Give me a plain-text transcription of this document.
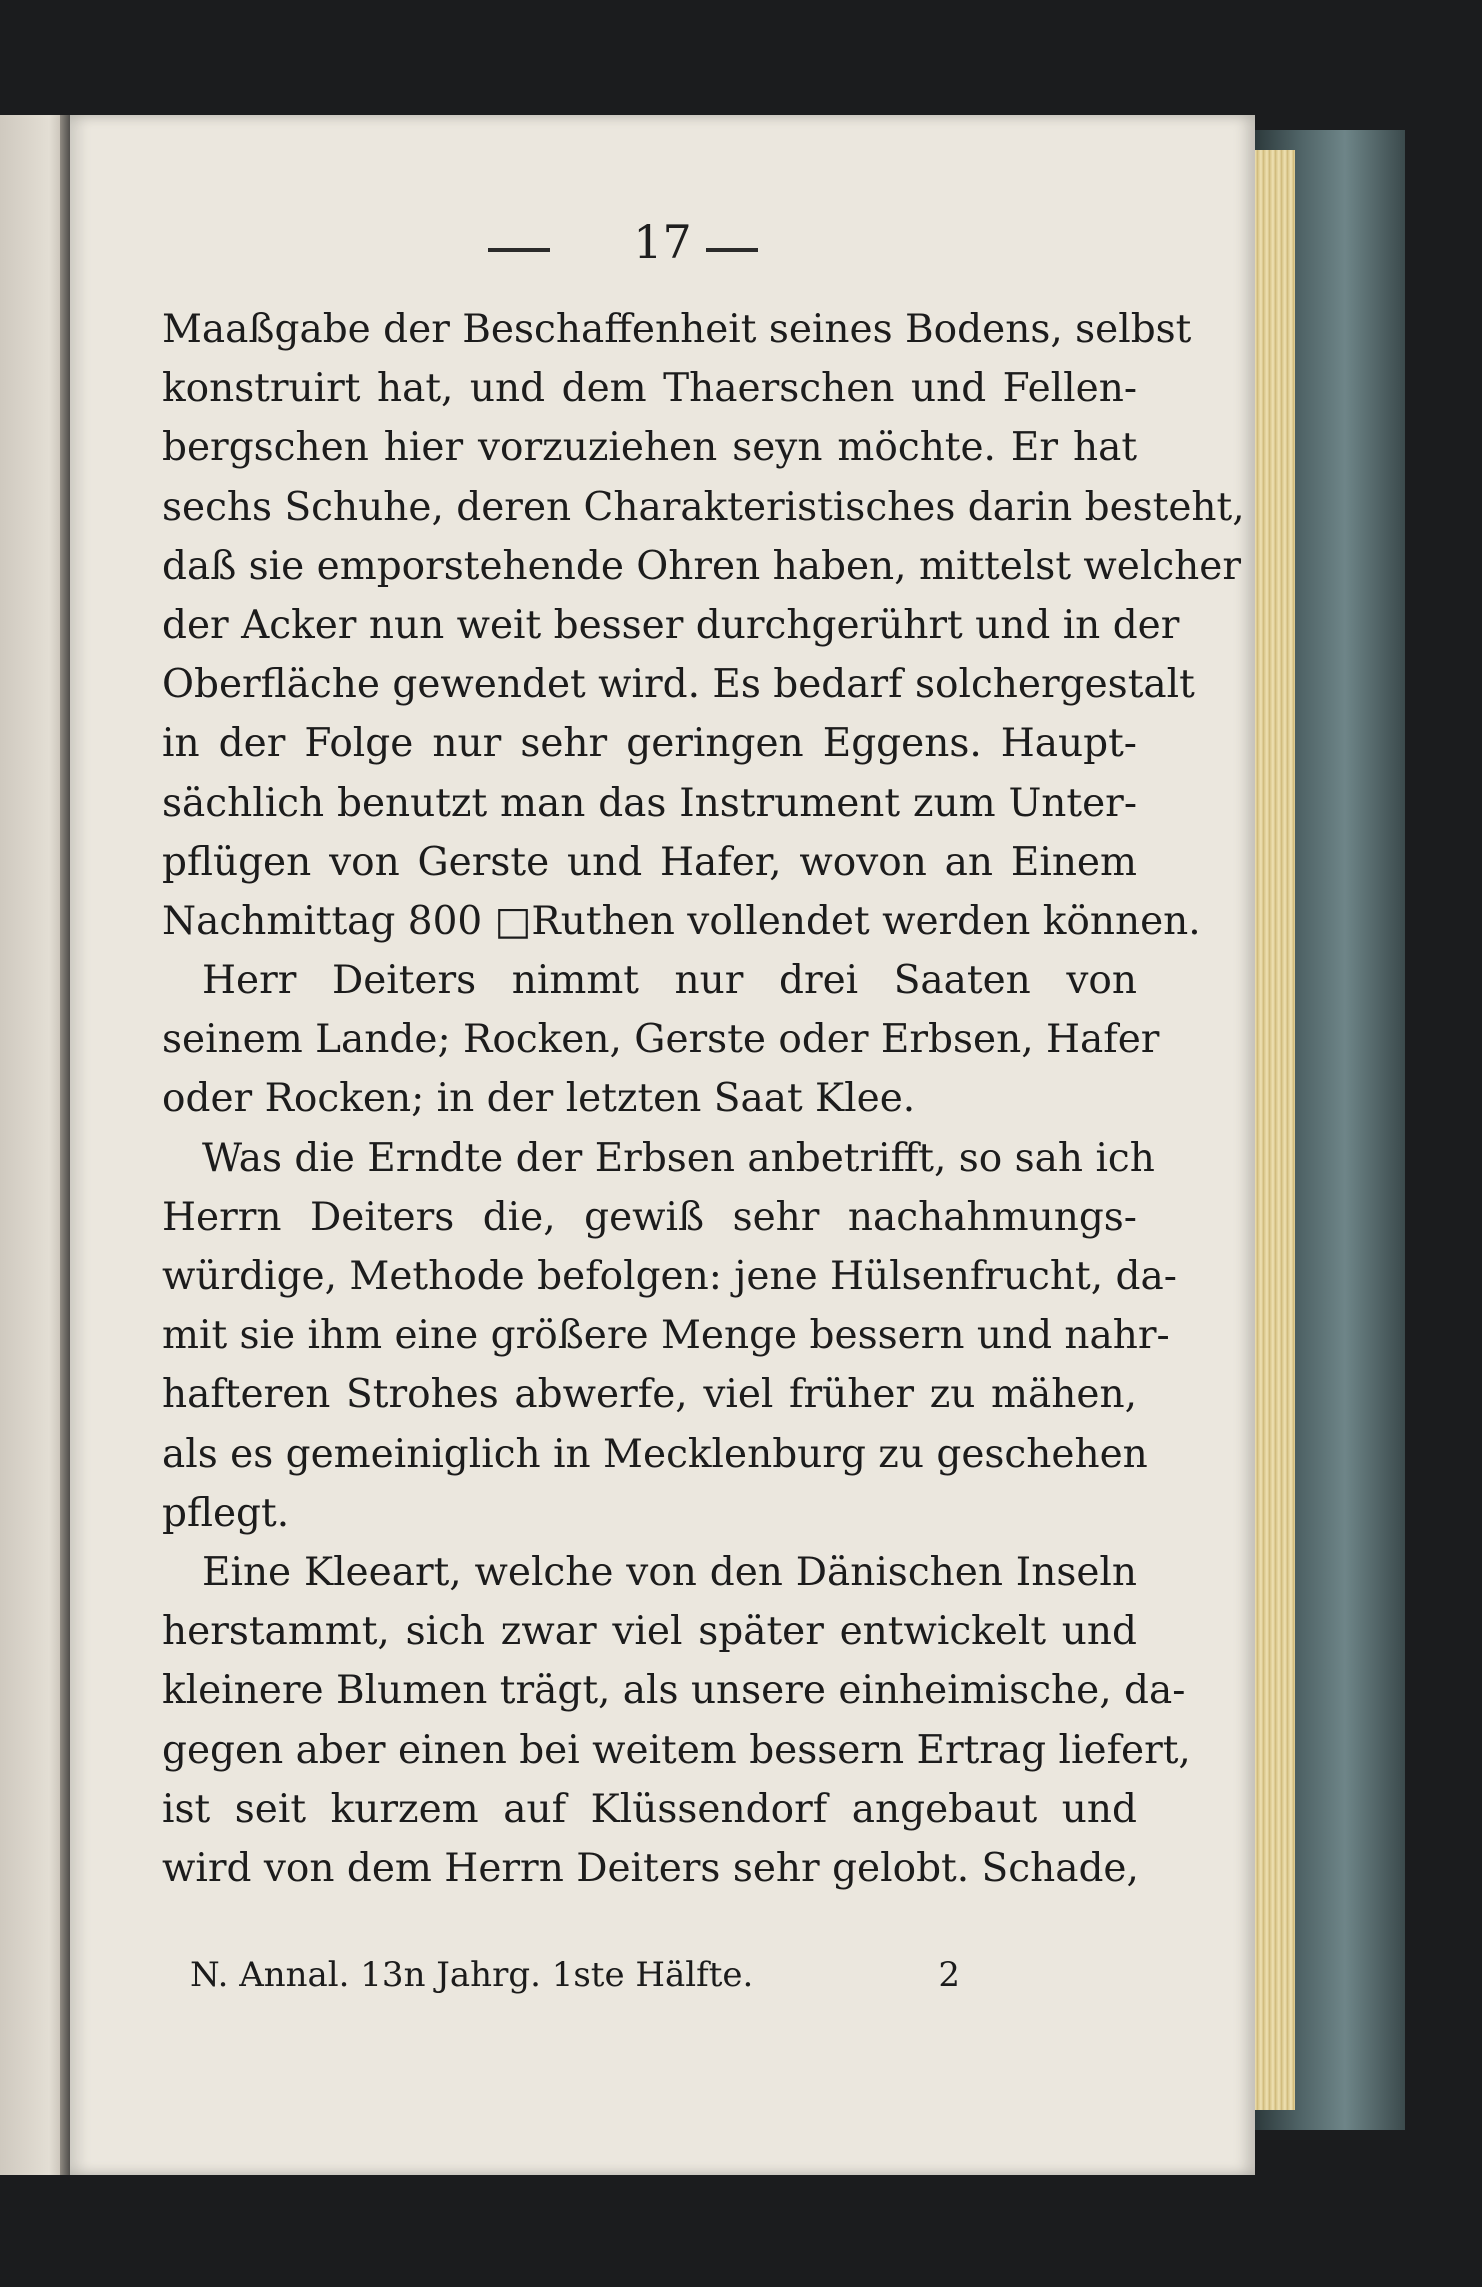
17
Maaßgabe der Beschaffenheit seines Bodens, selbst
konstruirt hat, und dem Thaerschen und Fellen-
bergschen hier vorzuziehen seyn möchte. Er hat
sechs Schuhe, deren Charakteristisches darin besteht,
daß sie emporstehende Ohren haben, mittelst welcher
der Acker nun weit besser durchgerührt und in der
Oberfläche gewendet wird. Es bedarf solchergestalt
in der Folge nur sehr geringen Eggens. Haupt-
sächlich benutzt man das Instrument zum Unter-
pflügen von Gerste und Hafer, wovon an Einem
Nachmittag 800 □Ruthen vollendet werden können.
Herr Deiters nimmt nur drei Saaten von
seinem Lande; Rocken, Gerste oder Erbsen, Hafer
oder Rocken; in der letzten Saat Klee.
Was die Erndte der Erbsen anbetrifft, so sah ich
Herrn Deiters die, gewiß sehr nachahmungs-
würdige, Methode befolgen: jene Hülsenfrucht, da-
mit sie ihm eine größere Menge bessern und nahr-
hafteren Strohes abwerfe, viel früher zu mähen,
als es gemeiniglich in Mecklenburg zu geschehen
pflegt.
Eine Kleeart, welche von den Dänischen Inseln
herstammt, sich zwar viel später entwickelt und
kleinere Blumen trägt, als unsere einheimische, da-
gegen aber einen bei weitem bessern Ertrag liefert,
ist seit kurzem auf Klüssendorf angebaut und
wird von dem Herrn Deiters sehr gelobt. Schade,
N. Annal. 13n Jahrg. 1ste Hälfte.	2
